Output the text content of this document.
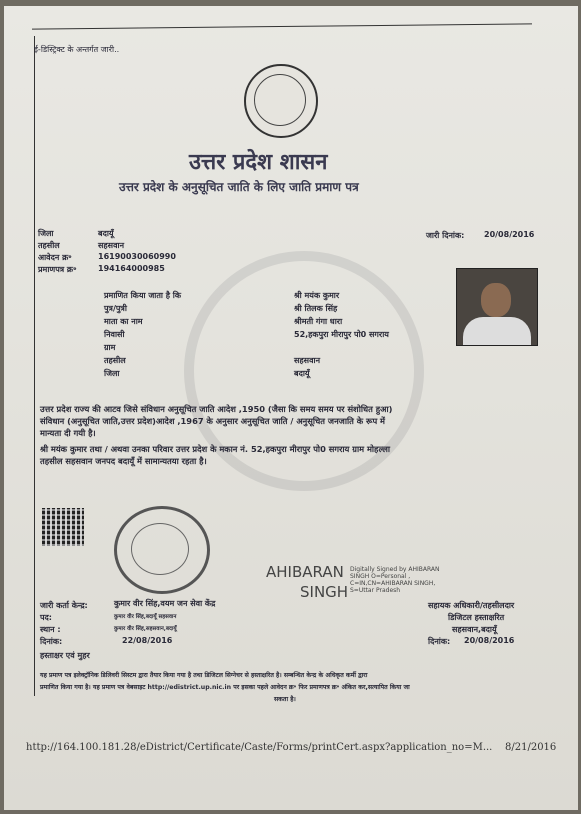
ई-डिस्ट्रिक्ट के अन्तर्गत जारी..
उत्तर प्रदेश शासन
उत्तर प्रदेश के अनुसूचित जाति के लिए जाति प्रमाण पत्र
जिला	बदायूँ
तहसील	सहसवान
आवेदन क्र॰	161900300609​90
प्रमाणपत्र क्र॰	194164000985
जारी दिनांक: 20/08/2016
प्रमाणित किया जाता है कि	श्री मयंक कुमार
पुत्र/पुत्री	श्री तिलक सिंह
माता का नाम	श्रीमती गंगा धारा
निवासी	52,हकपुरा मीरापुर पो0 सगराय
ग्राम
तहसील	सहसवान
जिला	बदायूँ
उत्तर प्रदेश राज्य की आटव जिसे संविधान अनुसूचित जाति आदेश ,1950 (जैसा कि समय समय पर संशोधित हुआ)
संविधान (अनुसूचित जाति,उत्तर प्रदेश)आदेश ,1967 के अनुसार अनुसूचित जाति / अनुसूचित जनजाति के रूप में
मान्यता दी गयी है।
श्री मयंक कुमार तथा / अथवा उनका परिवार उत्तर प्रदेश के मकान नं. 52,हकपुरा मीरापुर पो0 सगराय ग्राम मोहल्ला
तहसील सहसवान जनपद बदायूँ में सामान्यतया रहता है।
AHIBARAN
SINGH
Digitally Signed by AHIBARAN SINGH O=Personal , C=IN,CN=AHIBARAN SINGH, S=Uttar Pradesh
जारी कर्ता केन्द्र:	कुमार वीर सिंह,वयम जन सेवा केंद्र
पद:	कुमार वीर सिंह,बदायूँ सहसवान
स्थान :	कुमार वीर सिंह,सहसवान,बदायूँ
दिनांक:	22/08/2016
हस्ताक्षर एवं मुहर
सहायक अधिकारी/तहसीलदार
डिजिटल हस्ताक्षरित
सहसवान,बदायूँ
दिनांक: 20/08/2016
यह प्रमाण पत्र इलेक्ट्रॉनिक डिलिवरी सिस्टम द्वारा तैयार किया गया है तथा डिजिटल सिग्नेचर से हस्ताक्षरित है। सम्बन्धित केन्द्र के अधिकृत कर्मी द्वारा
प्रमाणित किया गया है। यह प्रमाण पत्र वेबसाइट http://edistrict.up.nic.in पर इसका पहले आवेदन क्र॰ फिर प्रमाणपत्र क्र॰ अंकित कर,सत्यापित किया जा
सकता है।
http://164.100.181.28/eDistrict/Certificate/Caste/Forms/printCert.aspx?application_no=M... 8/21/2016
